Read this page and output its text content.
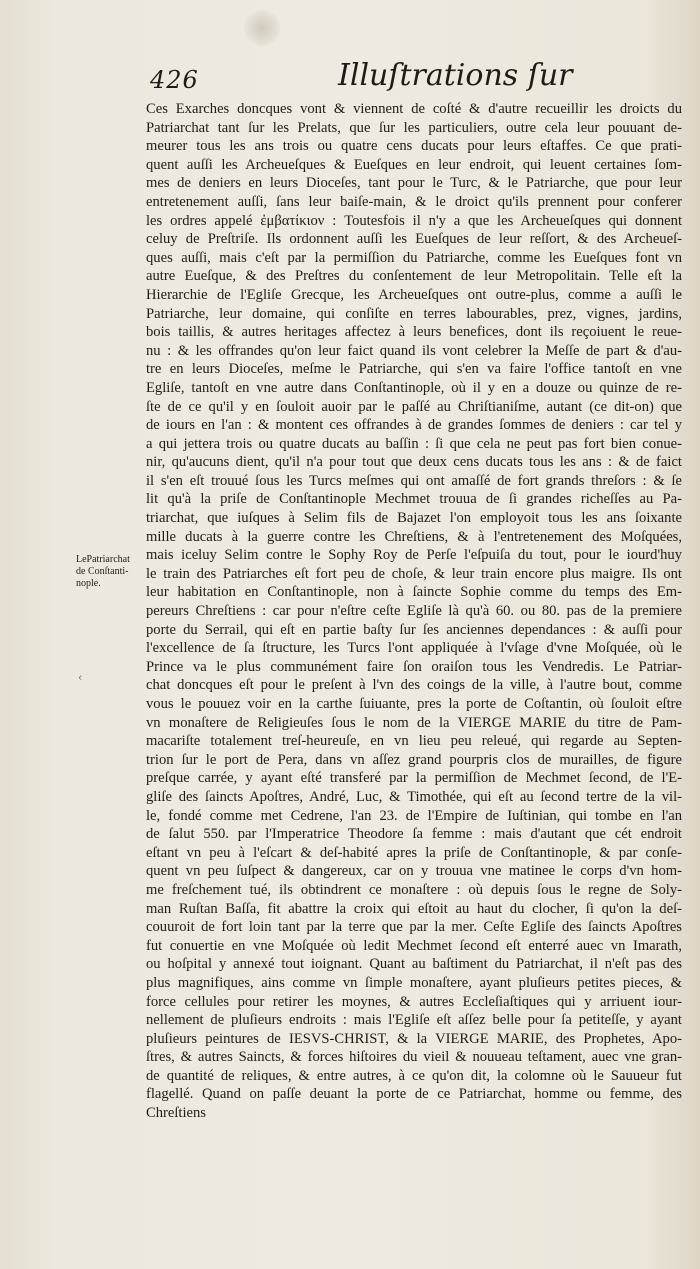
426	Illuſtrations ſur
LePatriarchat
de Conſtanti-
nople.
‹
Ces Exarches doncques vont & viennent de coſté & d'autre recueillir les droicts du
Patriarchat tant ſur les Prelats, que ſur les particuliers, outre cela leur pouuant de-
meurer tous les ans trois ou quatre cens ducats pour leurs eſtaffes. Ce que prati-
quent auſſi les Archeueſques & Eueſques en leur endroit, qui leuent certaines ſom-
mes de deniers en leurs Dioceſes, tant pour le Turc, & le Patriarche, que pour leur
entretenement auſſi, ſans leur baiſe-main, & le droict qu'ils prennent pour conferer
les ordres appelé ἐμβατίκιον : Toutesfois il n'y a que les Archeueſques qui donnent
celuy de Preſtriſe. Ils ordonnent auſſi les Eueſques de leur reſſort, & des Archeueſ-
ques auſſi, mais c'eſt par la permiſſion du Patriarche, comme les Eueſques font vn
autre Eueſque, & des Preſtres du conſentement de leur Metropolitain. Telle eſt la
Hierarchie de l'Egliſe Grecque, les Archeueſques ont outre-plus, comme a auſſi le
Patriarche, leur domaine, qui conſiſte en terres labourables, prez, vignes, jardins,
bois taillis, & autres heritages affectez à leurs benefices, dont ils reçoiuent le reue-
nu : & les offrandes qu'on leur faict quand ils vont celebrer la Meſſe de part & d'au-
tre en leurs Dioceſes, meſme le Patriarche, qui s'en va faire l'office tantoſt en vne
Egliſe, tantoſt en vne autre dans Conſtantinople, où il y en a douze ou quinze de re-
ſte de ce qu'il y en ſouloit auoir par le paſſé au Chriſtianiſme, autant (ce dit-on) que
de iours en l'an : & montent ces offrandes à de grandes ſommes de deniers : car tel y
a qui jettera trois ou quatre ducats au baſſin : ſi que cela ne peut pas fort bien conue-
nir, qu'aucuns dient, qu'il n'a pour tout que deux cens ducats tous les ans : & de faict
il s'en eſt trouué ſous les Turcs meſmes qui ont amaſſé de fort grands threſors : & ſe
lit qu'à la priſe de Conſtantinople Mechmet trouua de ſi grandes richeſſes au Pa-
triarchat, que iuſques à Selim fils de Bajazet l'on employoit tous les ans ſoixante
mille ducats à la guerre contre les Chreſtiens, & à l'entretenement des Moſquées,
mais iceluy Selim contre le Sophy Roy de Perſe l'eſpuiſa du tout, pour le iourd'huy
le train des Patriarches eſt fort peu de choſe, & leur train encore plus maigre. Ils ont
leur habitation en Conſtantinople, non à ſaincte Sophie comme du temps des Em-
pereurs Chreſtiens : car pour n'eſtre ceſte Egliſe là qu'à 60. ou 80. pas de la premiere
porte du Serrail, qui eſt en partie baſty ſur ſes anciennes dependances : & auſſi pour
l'excellence de ſa ſtructure, les Turcs l'ont appliquée à l'vſage d'vne Moſquée, où le
Prince va le plus communément faire ſon oraiſon tous les Vendredis. Le Patriar-
chat doncques eſt pour le preſent à l'vn des coings de la ville, à l'autre bout, comme
vous le pouuez voir en la carthe ſuiuante, pres la porte de Coſtantin, où ſouloit eſtre
vn monaſtere de Religieuſes ſous le nom de la VIERGE MARIE du titre de Pam-
macariſte totalement treſ-heureuſe, en vn lieu peu releué, qui regarde au Septen-
trion ſur le port de Pera, dans vn aſſez grand pourpris clos de murailles, de figure
preſque carrée, y ayant eſté transferé par la permiſſion de Mechmet ſecond, de l'E-
gliſe des ſaincts Apoſtres, André, Luc, & Timothée, qui eſt au ſecond tertre de la vil-
le, fondé comme met Cedrene, l'an 23. de l'Empire de Iuſtinian, qui tombe en l'an
de ſalut 550. par l'Imperatrice Theodore ſa femme : mais d'autant que cét endroit
eſtant vn peu à l'eſcart & deſ-habité apres la priſe de Conſtantinople, & par conſe-
quent vn peu ſuſpect & dangereux, car on y trouua vne matinee le corps d'vn hom-
me freſchement tué, ils obtindrent ce monaſtere : où depuis ſous le regne de Soly-
man Ruſtan Baſſa, fit abattre la croix qui eſtoit au haut du clocher, ſi qu'on la deſ-
couuroit de fort loin tant par la terre que par la mer. Ceſte Egliſe des ſaincts Apoſtres
fut conuertie en vne Moſquée où ledit Mechmet ſecond eſt enterré auec vn Imarath,
ou hoſpital y annexé tout ioignant. Quant au baſtiment du Patriarchat, il n'eſt pas des
plus magnifiques, ains comme vn ſimple monaſtere, ayant pluſieurs petites pieces, &
force cellules pour retirer les moynes, & autres Eccleſiaſtiques qui y arriuent iour-
nellement de pluſieurs endroits : mais l'Egliſe eſt aſſez belle pour ſa petiteſſe, y ayant
pluſieurs peintures de IESVS-CHRIST, & la VIERGE MARIE, des Prophetes, Apo-
ſtres, & autres Saincts, & forces hiſtoires du vieil & nouueau teſtament, auec vne gran-
de quantité de reliques, & entre autres, à ce qu'on dit, la colomne où le Sauueur fut
flagellé. Quand on paſſe deuant la porte de ce Patriarchat, homme ou femme, des
Chreſtiens
